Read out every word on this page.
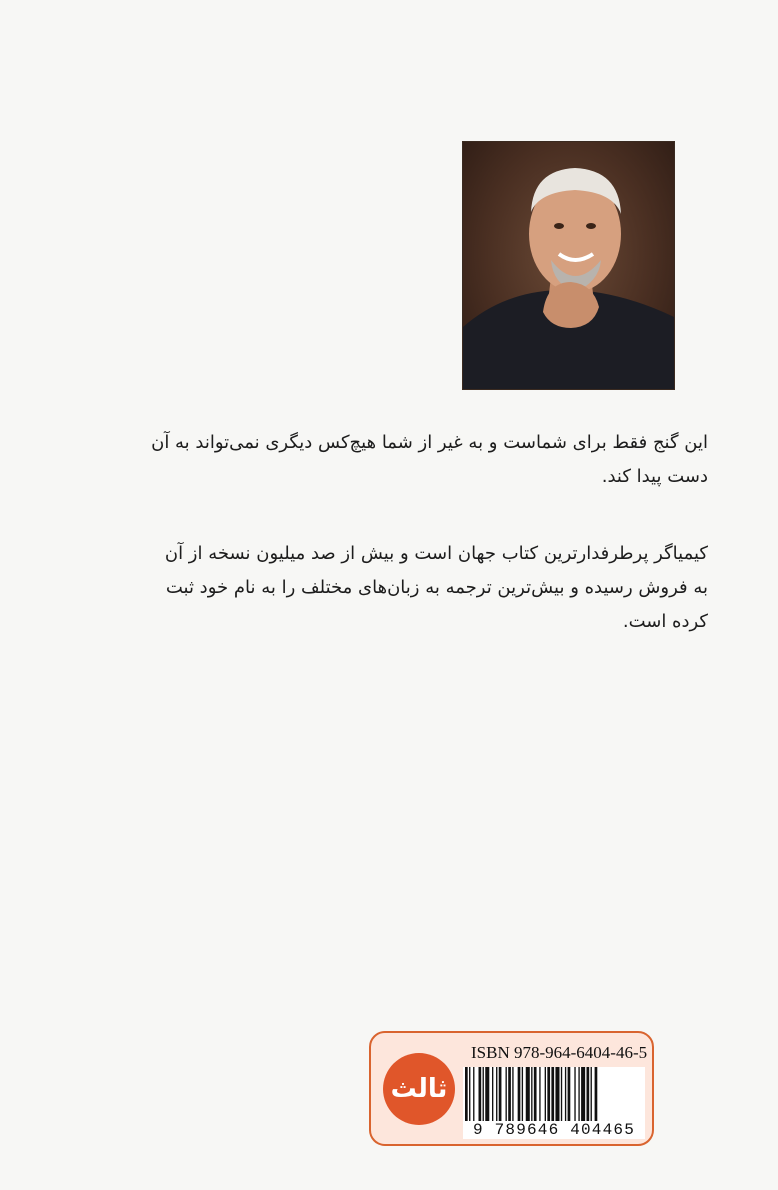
این گنج فقط برای شماست و به غیر از شما هیچ‌کس دیگری نمی‌تواند به آن دست پیدا کند.

کیمیاگر پرطرفدارترین کتاب جهان است و بیش از صد میلیون نسخه از آن به فروش رسیده و بیش‌ترین ترجمه به زبان‌های مختلف را به نام خود ثبت کرده است.

ثالث
ISBN 978-964-6404-46-5
9 789646 404465
